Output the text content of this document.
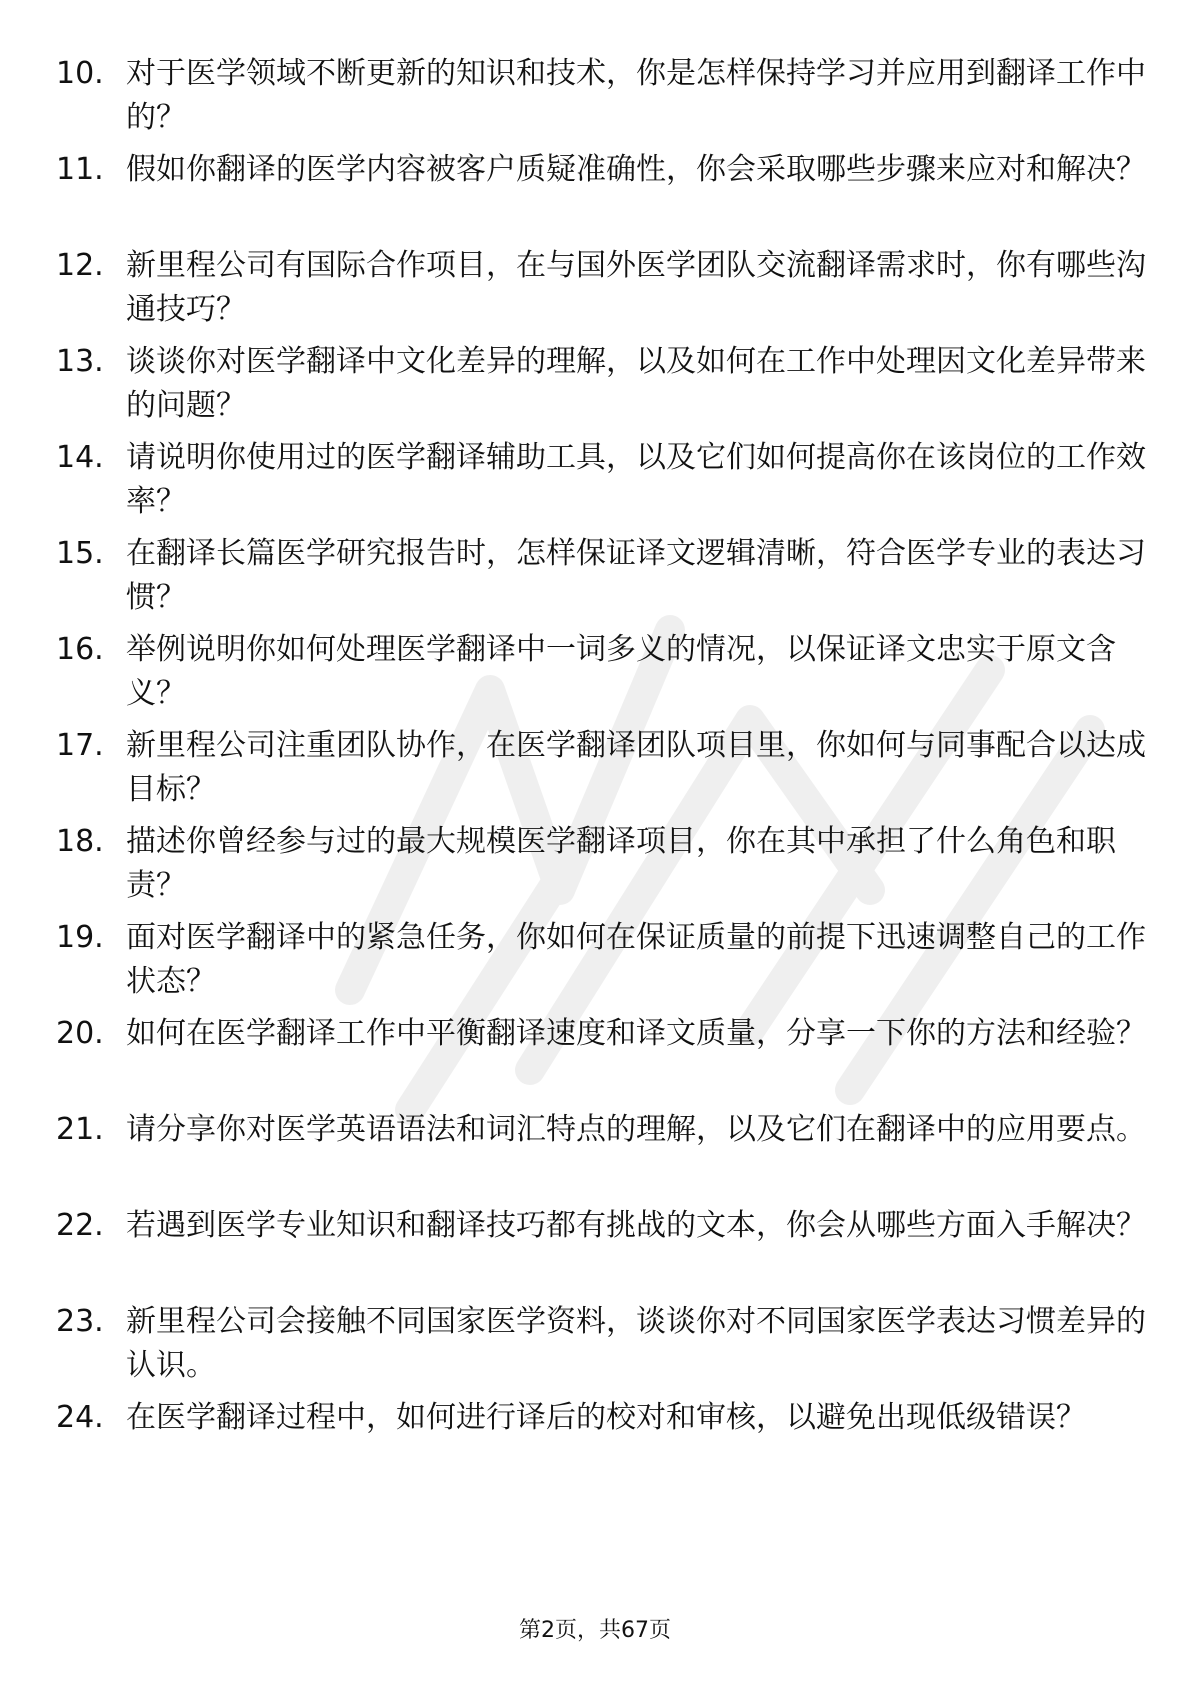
10. 对于医学领域不断更新的知识和技术，你是怎样保持学习并应用到翻译工作中的？
11. 假如你翻译的医学内容被客户质疑准确性，你会采取哪些步骤来应对和解决？
12. 新里程公司有国际合作项目，在与国外医学团队交流翻译需求时，你有哪些沟通技巧？
13. 谈谈你对医学翻译中文化差异的理解，以及如何在工作中处理因文化差异带来的问题？
14. 请说明你使用过的医学翻译辅助工具，以及它们如何提高你在该岗位的工作效率？
15. 在翻译长篇医学研究报告时，怎样保证译文逻辑清晰，符合医学专业的表达习惯？
16. 举例说明你如何处理医学翻译中一词多义的情况，以保证译文忠实于原文含义？
17. 新里程公司注重团队协作，在医学翻译团队项目里，你如何与同事配合以达成目标？
18. 描述你曾经参与过的最大规模医学翻译项目，你在其中承担了什么角色和职责？
19. 面对医学翻译中的紧急任务，你如何在保证质量的前提下迅速调整自己的工作状态？
20. 如何在医学翻译工作中平衡翻译速度和译文质量，分享一下你的方法和经验？
21. 请分享你对医学英语语法和词汇特点的理解，以及它们在翻译中的应用要点。
22. 若遇到医学专业知识和翻译技巧都有挑战的文本，你会从哪些方面入手解决？
23. 新里程公司会接触不同国家医学资料，谈谈你对不同国家医学表达习惯差异的认识。
24. 在医学翻译过程中，如何进行译后的校对和审核，以避免出现低级错误？
第2页，共67页
